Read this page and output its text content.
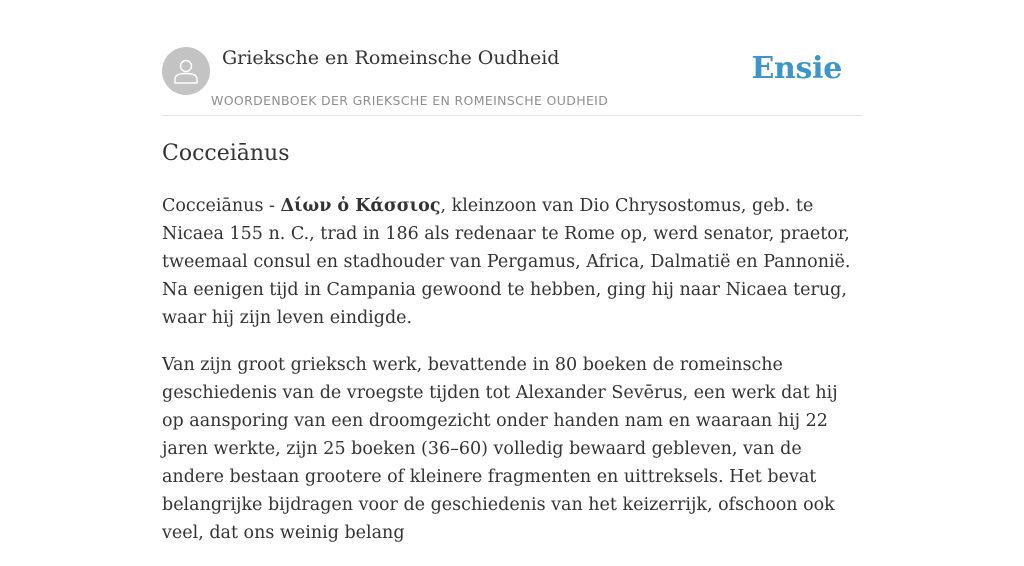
Grieksche en Romeinsche Oudheid
WOORDENBOEK DER GRIEKSCHE EN ROMEINSCHE OUDHEID
Ensie
Cocceiānus

Cocceiānus - Δίων ὁ Κάσσιος, kleinzoon van Dio Chrysostomus, geb. te Nicaea 155 n. C., trad in 186 als redenaar te Rome op, werd senator, praetor, tweemaal consul en stadhouder van Pergamus, Africa, Dalmatië en Pannonië. Na eenigen tijd in Campania gewoond te hebben, ging hij naar Nicaea terug, waar hij zijn leven eindigde.

Van zijn groot grieksch werk, bevattende in 80 boeken de romeinsche geschiedenis van de vroegste tijden tot Alexander Sevērus, een werk dat hij op aansporing van een droomgezicht onder handen nam en waaraan hij 22 jaren werkte, zijn 25 boeken (36–60) volledig bewaard gebleven, van de andere bestaan grootere of kleinere fragmenten en uittreksels. Het bevat belangrijke bijdragen voor de geschiedenis van het keizerrijk, ofschoon ook veel, dat ons weinig belang
